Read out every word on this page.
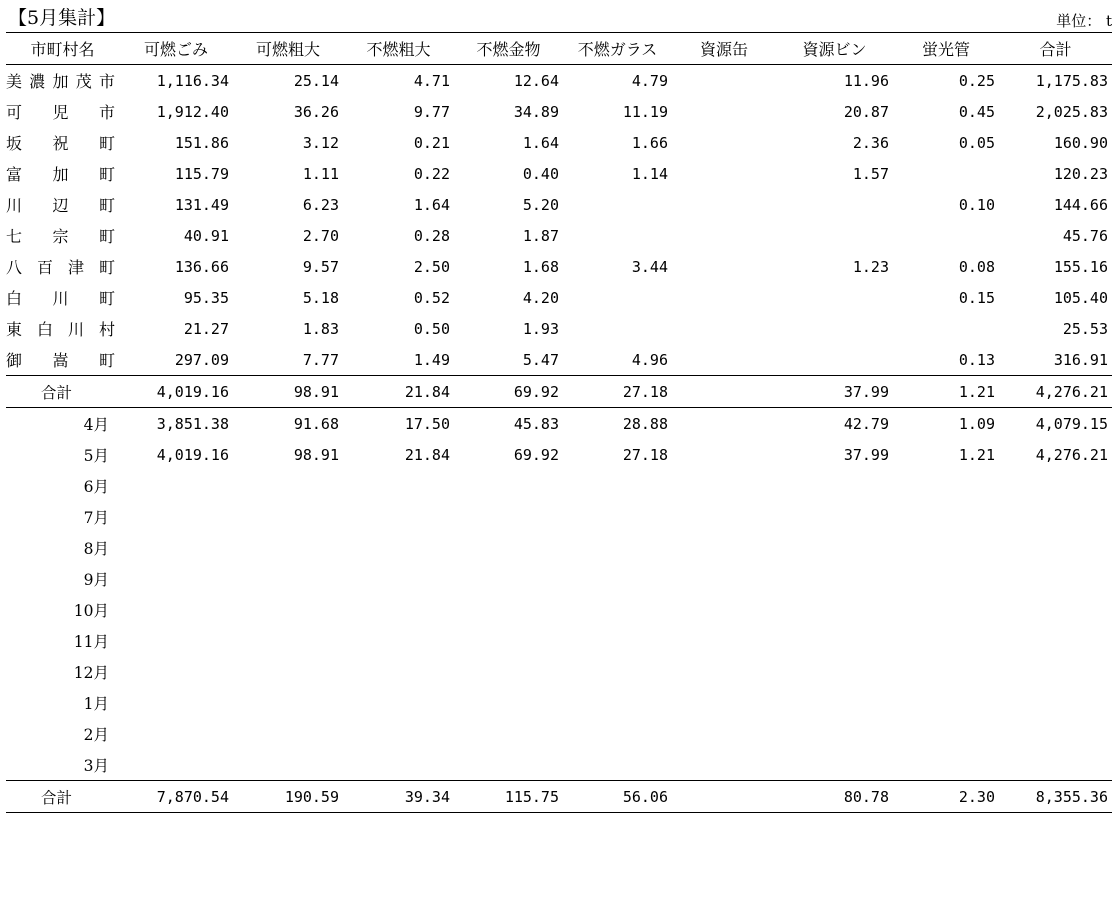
【5月集計】	単位： t
市町村名	可燃ごみ	可燃粗大	不燃粗大	不燃金物	不燃ガラス	資源缶	資源ビン	蛍光管	合計
美濃加茂市	1,116.34	25.14	4.71	12.64	4.79		11.96	0.25	1,175.83
可児市	1,912.40	36.26	9.77	34.89	11.19		20.87	0.45	2,025.83
坂祝町	151.86	3.12	0.21	1.64	1.66		2.36	0.05	160.90
富加町	115.79	1.11	0.22	0.40	1.14		1.57		120.23
川辺町	131.49	6.23	1.64	5.20				0.10	144.66
七宗町	40.91	2.70	0.28	1.87					45.76
八百津町	136.66	9.57	2.50	1.68	3.44		1.23	0.08	155.16
白川町	95.35	5.18	0.52	4.20				0.15	105.40
東白川村	21.27	1.83	0.50	1.93					25.53
御嵩町	297.09	7.77	1.49	5.47	4.96			0.13	316.91
合計	4,019.16	98.91	21.84	69.92	27.18		37.99	1.21	4,276.21
4月	3,851.38	91.68	17.50	45.83	28.88		42.79	1.09	4,079.15
5月	4,019.16	98.91	21.84	69.92	27.18		37.99	1.21	4,276.21
6月									
7月									
8月									
9月									
10月									
11月									
12月									
1月									
2月									
3月									
合計	7,870.54	190.59	39.34	115.75	56.06		80.78	2.30	8,355.36
